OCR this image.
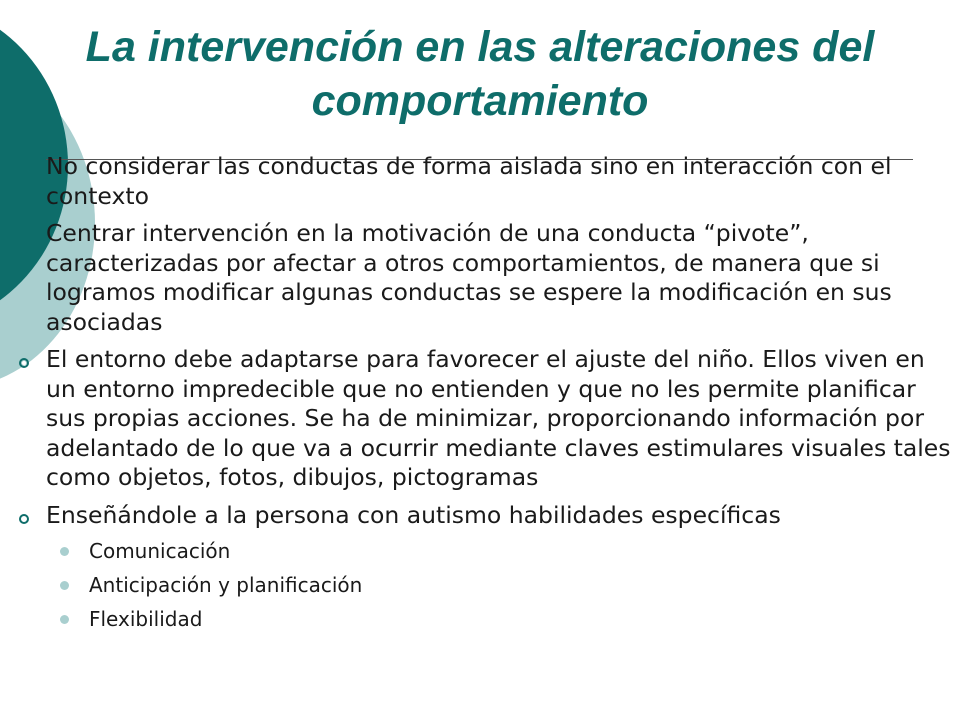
La intervención en las alteraciones del comportamiento
No considerar las conductas de forma aislada sino en interacción con el contexto
Centrar intervención en la motivación de una conducta “pivote”, caracterizadas por afectar a otros comportamientos, de manera que si logramos modificar algunas conductas se espere la modificación en sus asociadas
El entorno debe adaptarse para favorecer el ajuste del niño. Ellos viven en un entorno impredecible que no entienden y que no les permite planificar sus propias acciones. Se ha de minimizar, proporcionando información por adelantado de lo que va a ocurrir mediante claves estimulares visuales tales como objetos, fotos, dibujos, pictogramas
Enseñándole a la persona con autismo habilidades específicas
Comunicación
Anticipación y planificación
Flexibilidad
